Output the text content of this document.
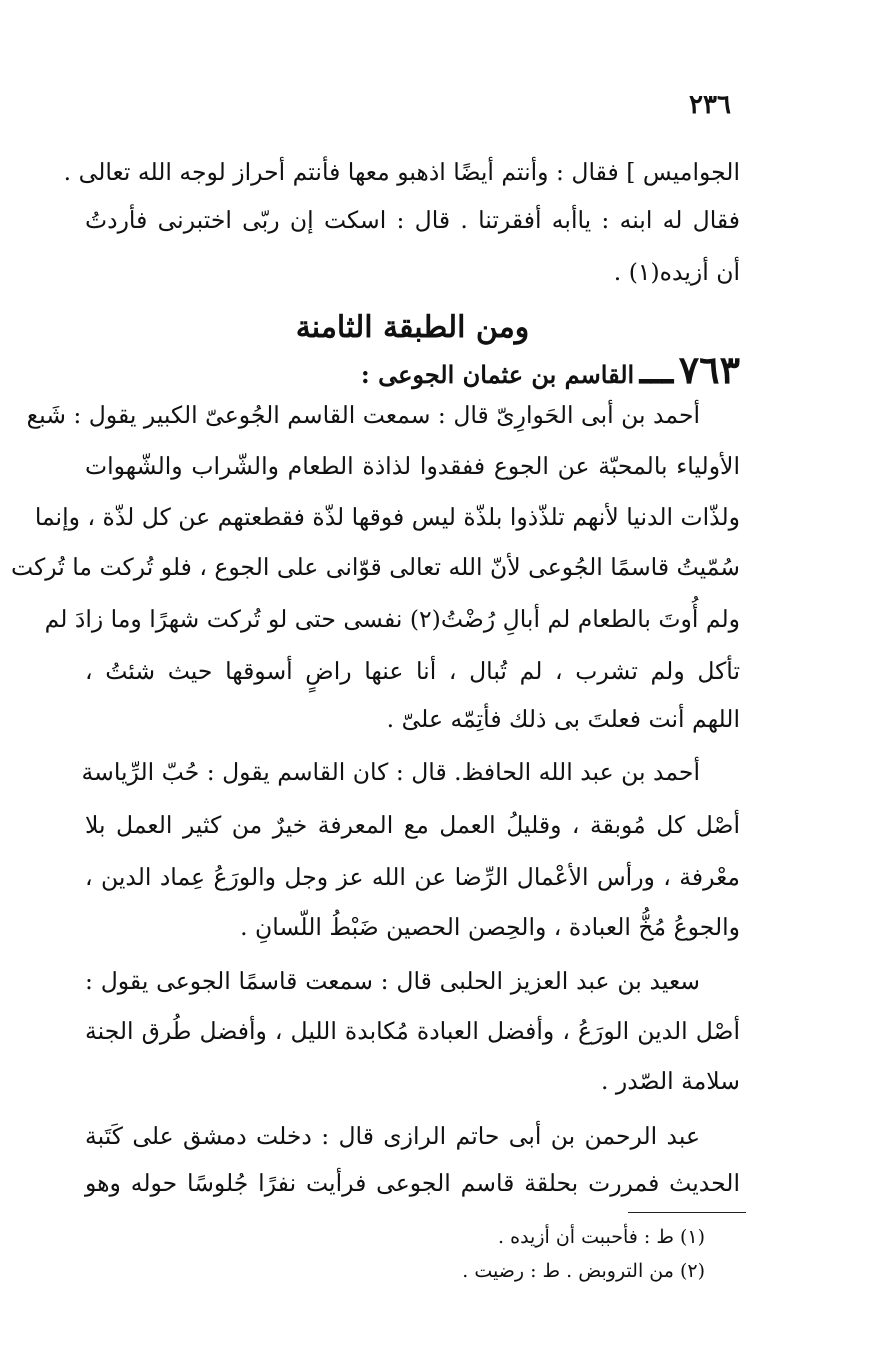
٢٣٦
الجواميس ] فقال : وأنتم أيضًا اذهبو معها فأنتم أحراز لوجه الله تعالى .
فقال له ابنه : ياأبه أفقرتنا . قال : اسكت إن ربّى اختبرنى فأردتُ
أن أزيده(١) .
ومن الطبقة الثامنة
٧٦٣ ـــ القاسم بن عثمان الجوعى :
أحمد بن أبى الحَوارِىّ قال : سمعت القاسم الجُوعىّ الكبير يقول : شَبع
الأولياء بالمحبّة عن الجوع ففقدوا لذاذة الطعام والشّراب والشّهوات
ولذّات الدنيا لأنهم تلذّذوا بلذّة ليس فوقها لذّة فقطعتهم عن كل لذّة ، وإنما
سُمّيتُ قاسمًا الجُوعى لأنّ الله تعالى قوّانى على الجوع ، فلو تُركت ما تُركت
ولم أُوتَ بالطعام لم أبالِ رُضْتُ(٢) نفسى حتى لو تُركت شهرًا وما زادَ لم
تأكل ولم تشرب ، لم تُبال ، أنا عنها راضٍ أسوقها حيث شئتُ ،
اللهم أنت فعلتَ بى ذلك فأتِمّه علىّ .
أحمد بن عبد الله الحافظ. قال : كان القاسم يقول : حُبّ الرِّياسة
أصْل كل مُوبقة ، وقليلُ العمل مع المعرفة خيرٌ من كثير العمل بلا
معْرفة ، ورأس الأعْمال الرِّضا عن الله عز وجل والورَعُ عِماد الدين ،
والجوعُ مُخُّ العبادة ، والحِصن الحصين ضَبْطُ اللّسانِ .
سعيد بن عبد العزيز الحلبى قال : سمعت قاسمًا الجوعى يقول :
أصْل الدين الورَعُ ، وأفضل العبادة مُكابدة الليل ، وأفضل طُرق الجنة
سلامة الصّدر .
عبد الرحمن بن أبى حاتم الرازى قال : دخلت دمشق على كَتَبة
الحديث فمررت بحلقة قاسم الجوعى فرأيت نفرًا جُلوسًا حوله وهو
(١) ط : فأحببت أن أزيده .
(٢) من التروبض . ط : رضيت .
